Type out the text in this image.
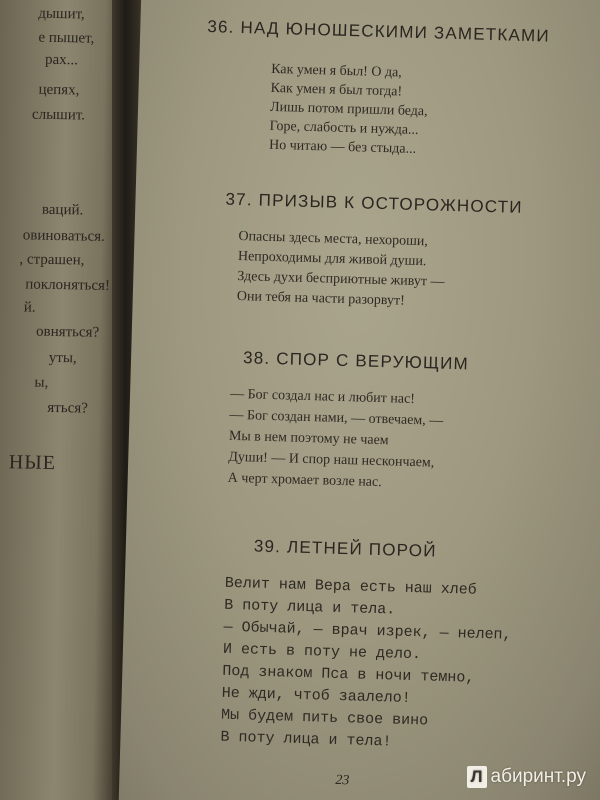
дышит,
е пышет,
рах...
цепях,
слышит.
ваций.
овиноваться.
, страшен,
поклоняться!
й.
овняться?
уты,
ы,
яться?
НЫЕ
36. НАД ЮНОШЕСКИМИ ЗАМЕТКАМИ
Как умен я был! О да,
Как умен я был тогда!
Лишь потом пришли беда,
Горе, слабость и нужда...
Но читаю — без стыда...
37. ПРИЗЫВ К ОСТОРОЖНОСТИ
Опасны здесь места, нехороши,
Непроходимы для живой души.
Здесь духи бесприютные живут —
Они тебя на части разорвут!
38. СПОР С ВЕРУЮЩИМ
— Бог создал нас и любит нас!
— Бог создан нами, — отвечаем, —
Мы в нем поэтому не чаем
Души! — И спор наш нескончаем,
А черт хромает возле нас.
39. ЛЕТНЕЙ ПОРОЙ
Велит нам Вера есть наш хлеб
В поту лица и тела.
— Обычай, — врач изрек, — нелеп,
И есть в поту не дело.
Под знаком Пса в ночи темно,
Не жди, чтоб заалело!
Мы будем пить свое вино
В поту лица и тела!
23	Л абиринт.ру
